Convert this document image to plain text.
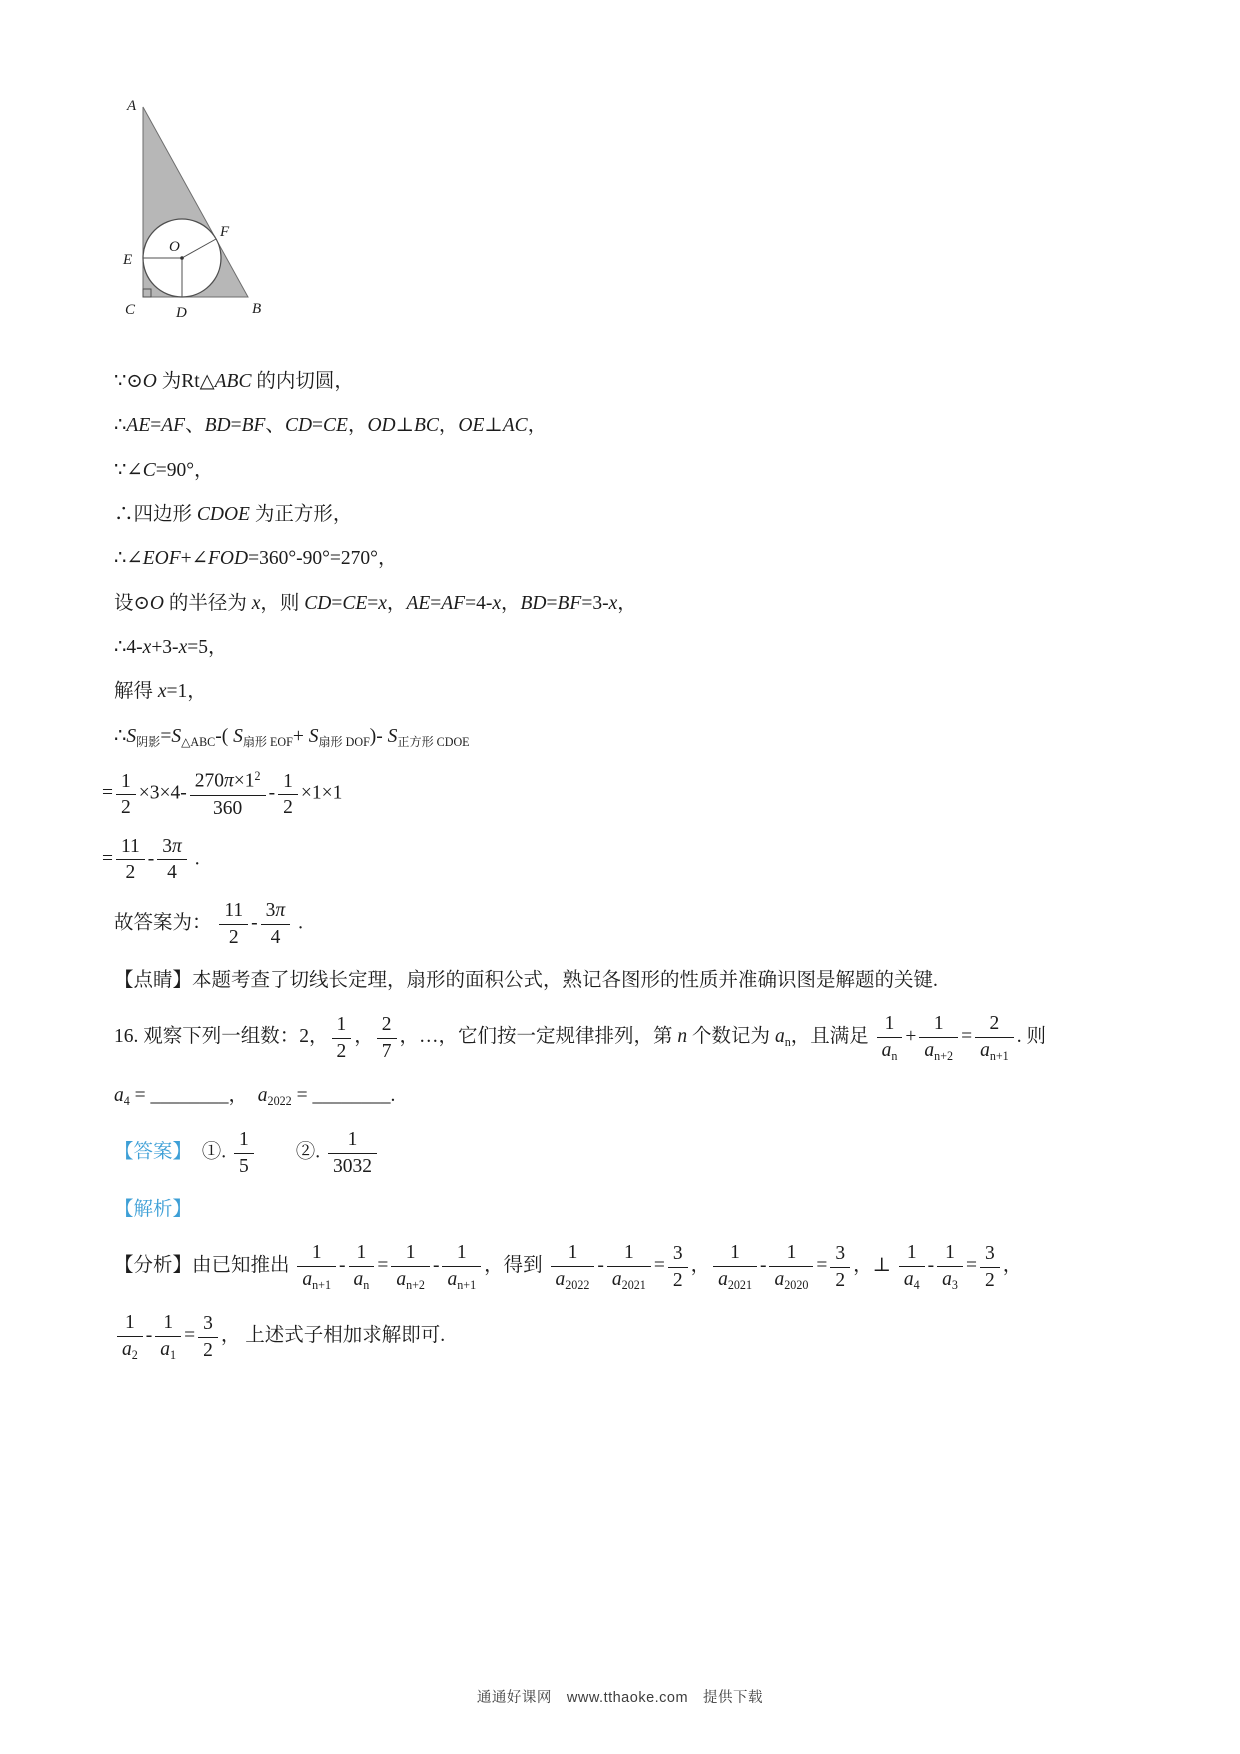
A
E
O
F
C	D	B
∵⊙O 为Rt△ABC 的内切圆，
∴AE=AF、BD=BF、CD=CE，OD⊥BC，OE⊥AC，
∵∠C=90°，
∴四边形 CDOE 为正方形，
∴∠EOF+∠FOD=360°-90°=270°，
设⊙O 的半径为 x，则 CD=CE=x，AE=AF=4-x，BD=BF=3-x，
∴4-x+3-x=5，
解得 x=1，
∴S阴影=S△ABC-( S扇形 EOF+ S扇形 DOF)- S正方形 CDOE
= $\frac{1}{2} \times 3\times 4- \frac{270\pi\times 1^2}{360} - \frac{1}{2} \times 1\times 1$
= $\frac{11}{2} - \frac{3\pi}{4}$ .
故答案为： $\frac{11}{2} - \frac{3\pi}{4}$ .
【点睛】本题考查了切线长定理，扇形的面积公式，熟记各图形的性质并准确识图是解题的关键.
16. 观察下列一组数：2， $\frac{1}{2}$ ， $\frac{2}{7}$ ，…，它们按一定规律排列，第 n 个数记为 an，且满足 $\frac{1}{an} + \frac{1}{an+2} = \frac{2}{an+1}$ . 则
a4 = ________，　a2022 = ________.
【答案】　①. $\frac{1}{5}$ 　　②. $\frac{1}{3032}$
【解析】
【分析】由已知推出 $\frac{1}{an+1} - \frac{1}{an} = \frac{1}{an+2} - \frac{1}{an+1}$ ，得到 $\frac{1}{a2022} - \frac{1}{a2021} = \frac{3}{2}$ ， $\frac{1}{a2021} - \frac{1}{a2020} = \frac{3}{2}$ ，⊥ $\frac{1}{a4} - \frac{1}{a3} = \frac{3}{2}$ ，
$\frac{1}{a2} - \frac{1}{a1} = \frac{3}{2}$ ， 上述式子相加求解即可.
通通好课网　www.tthaoke.com　提供下载
